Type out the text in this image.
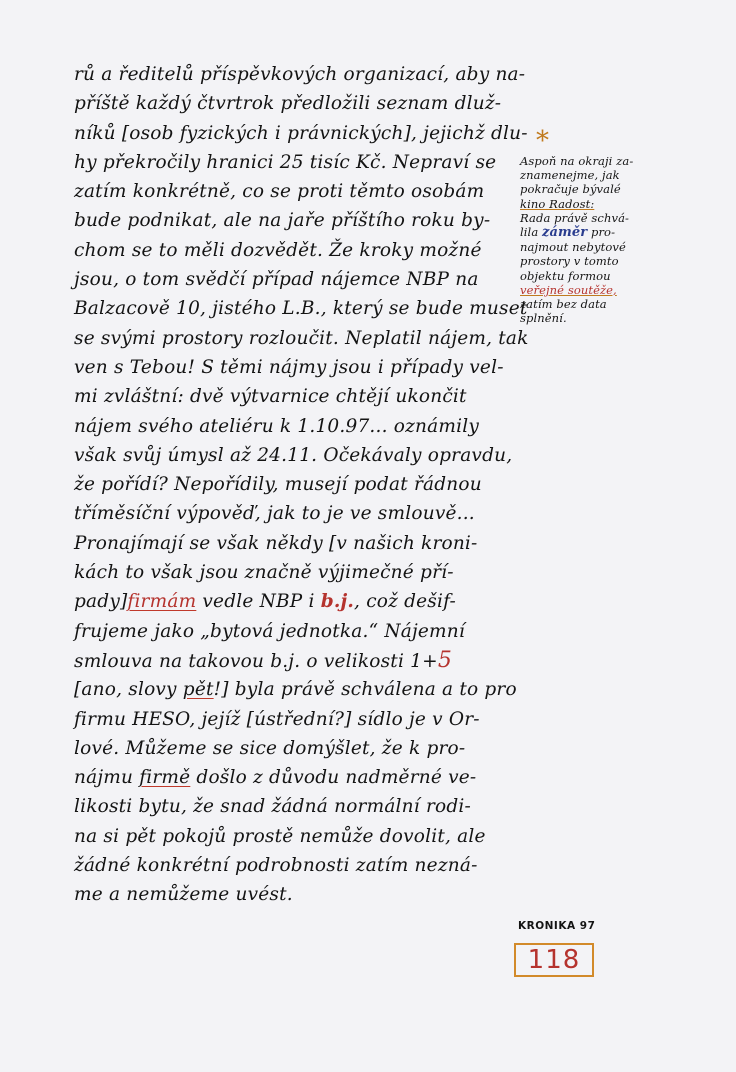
rů a ředitelů příspěvkových organizací, aby na-
příště každý čtvrtrok předložili seznam dluž-
níků [osob fyzických i právnických], jejichž dlu-
hy překročily hranici 25 tisíc Kč. Nepraví se
zatím konkrétně, co se proti těmto osobám
bude podnikat, ale na jaře příštího roku by-
chom se to měli dozvědět. Že kroky možné
jsou, o tom svědčí případ nájemce NBP na
Balzacově 10, jistého L.B., který se bude muset
se svými prostory rozloučit. Neplatil nájem, tak
ven s Tebou! S těmi nájmy jsou i případy vel-
mi zvláštní: dvě výtvarnice chtějí ukončit
nájem svého ateliéru k 1.10.97... oznámily
však svůj úmysl až 24.11. Očekávaly opravdu,
že pořídí? Nepořídily, musejí podat řádnou
tříměsíční výpověď, jak to je ve smlouvě...
Pronajímají se však někdy [v našich kroni-
kách to však jsou značně výjimečné pří-
pady]firmám vedle NBP i b.j., což dešif-
frujeme jako „bytová jednotka.“ Nájemní
smlouva na takovou b.j. o velikosti 1+5
[ano, slovy pět!] byla právě schválena a to pro
firmu HESO, jejíž [ústřední?] sídlo je v Or-
lové. Můžeme se sice domýšlet, že k pro-
nájmu firmě došlo z důvodu nadměrné ve-
likosti bytu, že snad žádná normální rodi-
na si pět pokojů prostě nemůže dovolit, ale
žádné konkrétní podrobnosti zatím nezná-
me a nemůžeme uvést.
*
Aspoň na okraji za-
znamenejme, jak
pokračuje bývalé
kino Radost:
Rada právě schvá-
lila záměr pro-
najmout nebytové
prostory v tomto
objektu formou
veřejné soutěže,
zatím bez data
splnění.
KRONIKA 97
118
